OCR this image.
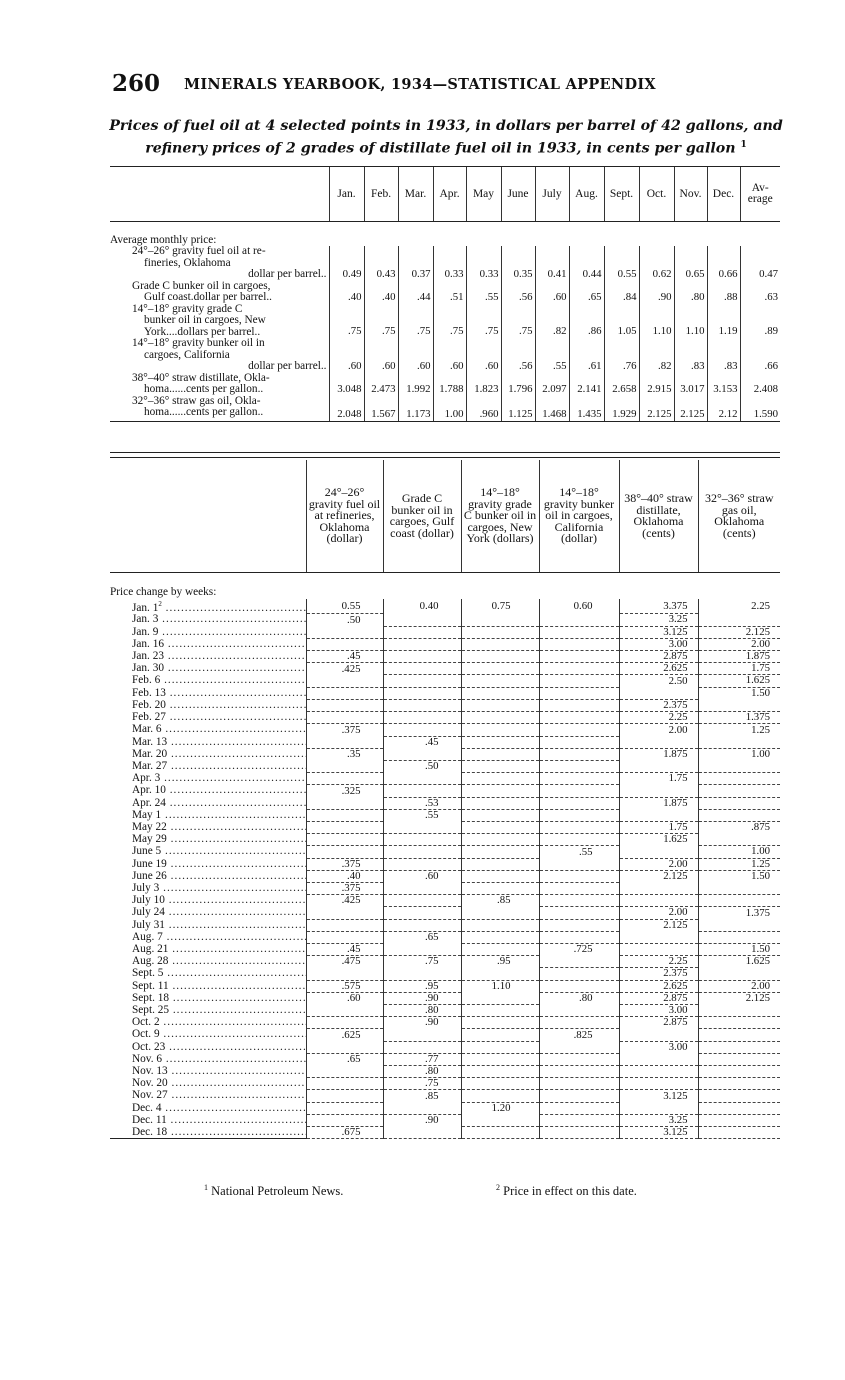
260 MINERALS YEARBOOK, 1934—STATISTICAL APPENDIX
Prices of fuel oil at 4 selected points in 1933, in dollars per barrel of 42 gallons, and refinery prices of 2 grades of distillate fuel oil in 1933, in cents per gallon $^1$
	Jan.	Feb.	Mar.	Apr.	May	June	July	Aug.	Sept.	Oct.	Nov.	Dec.	Av-erage
Average monthly price:													

24°–26° gravity fuel oil at re-
fineries, Oklahoma
dollar per barrel..	0.49	0.43	0.37	0.33	0.33	0.35	0.41	0.44	0.55	0.62	0.65	0.66	0.47

Grade C bunker oil in cargoes,
Gulf coast.dollar per barrel..	.40	.40	.44	.51	.55	.56	.60	.65	.84	.90	.80	.88	.63

14°–18° gravity grade C
bunker oil in cargoes, New
York....dollars per barrel..	.75	.75	.75	.75	.75	.75	.82	.86	1.05	1.10	1.10	1.19	.89

14°–18° gravity bunker oil in
cargoes, California
dollar per barrel..	.60	.60	.60	.60	.60	.56	.55	.61	.76	.82	.83	.83	.66

38°–40° straw distillate, Okla-
homa......cents per gallon..	3.048	2.473	1.992	1.788	1.823	1.796	2.097	2.141	2.658	2.915	3.017	3.153	2.408

32°–36° straw gas oil, Okla-
homa......cents per gallon..	2.048	1.567	1.173	1.00	.960	1.125	1.468	1.435	1.929	2.125	2.125	2.12	1.590
	24°–26° gravity fuel oil at refineries, Oklahoma (dollar)	Grade C bunker oil in cargoes, Gulf coast (dollar)	14°–18° gravity grade C bunker oil in cargoes, New York (dollars)	14°–18° gravity bunker oil in cargoes, California (dollar)	38°–40° straw distillate, Oklahoma (cents)	32°–36° straw gas oil, Oklahoma (cents)
Price change by weeks:						
Jan. $1^2$ .....	0.55	0.40	0.75	0.60	3.375	2.25
Jan. 3 .....	.50				3.25	
Jan. 9 .....					3.125	2.125
Jan. 16 .....					3.00	2.00
Jan. 23 .....	.45				2.875	1.875
Jan. 30 .....	.425				2.625	1.75
Feb. 6 .....					2.50	1.625
Feb. 13 .....						1.50
Feb. 20 .....					2.375	
Feb. 27 .....					2.25	1.375
Mar. 6 .....	.375				2.00	1.25
Mar. 13 .....		.45				
Mar. 20 .....	.35				1.875	1.00
Mar. 27 .....		.50				
Apr. 3 .....					1.75	
Apr. 10 .....	.325					
Apr. 24 .....		.53			1.875	
May 1 .....		.55				
May 22 .....					1.75	.875
May 29 .....					1.625	
June 5 .....				.55		1.00
June 19 .....	.375				2.00	1.25
June 26 .....	.40	.60			2.125	1.50
July 3 .....	.375					
July 10 .....	.425		.85			
July 24 .....					2.00	1.375
July 31 .....					2.125	
Aug. 7 .....		.65				
Aug. 21 .....	.45			.725		1.50
Aug. 28 .....	.475	.75	.95		2.25	1.625
Sept. 5 .....					2.375	
Sept. 11 .....	.575	.95	1.10		2.625	2.00
Sept. 18 .....	.60	.90		.80	2.875	2.125
Sept. 25 .....		.80			3.00	
Oct. 2 .....		.90			2.875	
Oct. 9 .....	.625			.825		
Oct. 23 .....					3.00	
Nov. 6 .....	.65	.77				
Nov. 13 .....		.80				
Nov. 20 .....		.75				
Nov. 27 .....		.85			3.125	
Dec. 4 .....			1.20			
Dec. 11 .....		.90			3.25	
Dec. 18 .....	.675				3.125	
$^1$ National Petroleum News.	$^2$ Price in effect on this date.
